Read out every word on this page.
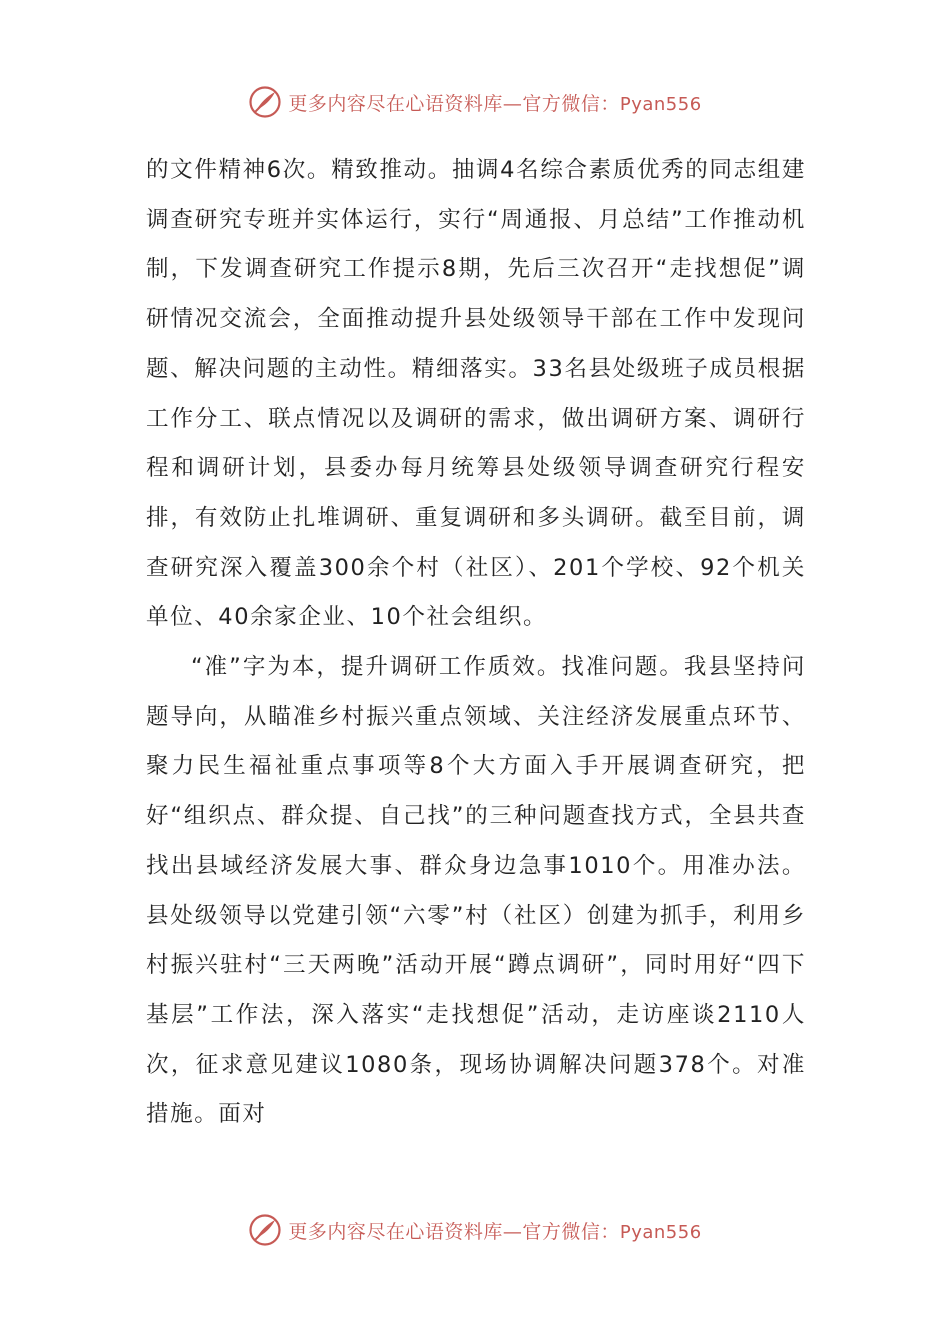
更多内容尽在心语资料库—官方微信：Pyan556

的文件精神6次。精致推动。抽调4名综合素质优秀的同志组建调查研究专班并实体运行，实行“周通报、月总结”工作推动机制，下发调查研究工作提示8期，先后三次召开“走找想促”调研情况交流会，全面推动提升县处级领导干部在工作中发现问题、解决问题的主动性。精细落实。33名县处级班子成员根据工作分工、联点情况以及调研的需求，做出调研方案、调研行程和调研计划，县委办每月统筹县处级领导调查研究行程安排，有效防止扎堆调研、重复调研和多头调研。截至目前，调查研究深入覆盖300余个村（社区）、201个学校、92个机关单位、40余家企业、10个社会组织。

“准”字为本，提升调研工作质效。找准问题。我县坚持问题导向，从瞄准乡村振兴重点领域、关注经济发展重点环节、聚力民生福祉重点事项等8个大方面入手开展调查研究，把好“组织点、群众提、自己找”的三种问题查找方式，全县共查找出县域经济发展大事、群众身边急事1010个。用准办法。县处级领导以党建引领“六零”村（社区）创建为抓手，利用乡村振兴驻村“三天两晚”活动开展“蹲点调研”，同时用好“四下基层”工作法，深入落实“走找想促”活动，走访座谈2110人次，征求意见建议1080条，现场协调解决问题378个。对准措施。面对

更多内容尽在心语资料库—官方微信：Pyan556
